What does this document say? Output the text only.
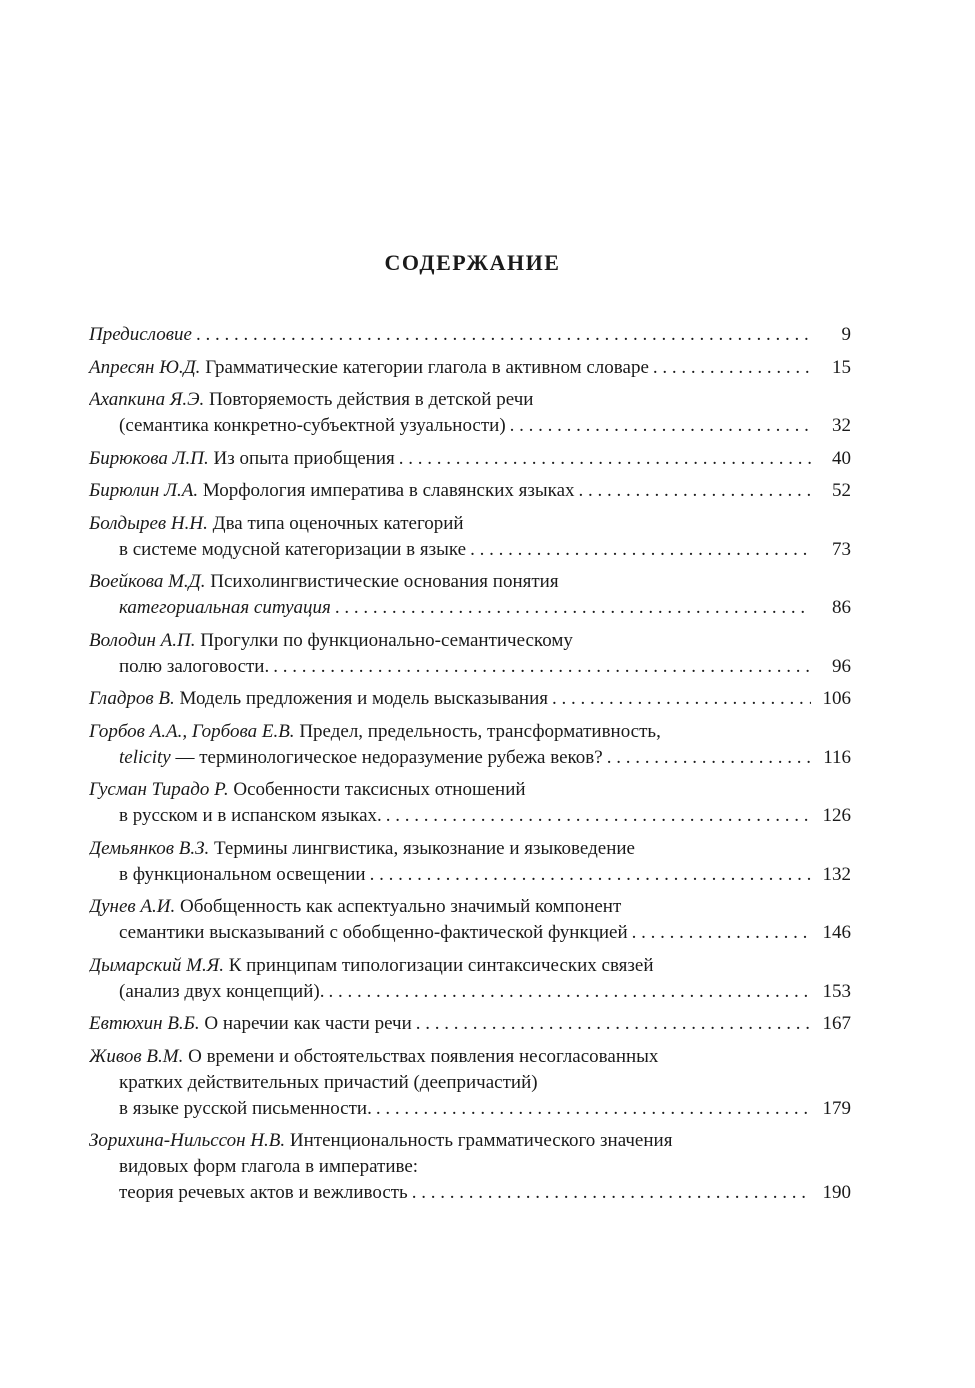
СОДЕРЖАНИЕ
Предисловие . . .	9
Апресян Ю.Д. Грамматические категории глагола в активном словаре . . .	15
Ахапкина Я.Э. Повторяемость действия в детской речи
(семантика конкретно-субъектной узуальности) . . .	32
Бирюкова Л.П. Из опыта приобщения . . .	40
Бирюлин Л.А. Морфология императива в славянских языках . . .	52
Болдырев Н.Н. Два типа оценочных категорий
в системе модусной категоризации в языке . . .	73
Воейкова М.Д. Психолингвистические основания понятия
категориальная ситуация . . .	86
Володин А.П. Прогулки по функционально-семантическому
полю залоговости. . . .	96
Гладров В. Модель предложения и модель высказывания . . .	106
Горбов А.А., Горбова Е.В. Предел, предельность, трансформативность,
telicity — терминологическое недоразумение рубежа веков? . . .	116
Гусман Тирадо Р. Особенности таксисных отношений
в русском и в испанском языках. . . .	126
Демьянков В.З. Термины лингвистика, языкознание и языковедение
в функциональном освещении . . .	132
Дунев А.И. Обобщенность как аспектуально значимый компонент
семантики высказываний с обобщенно-фактической функцией . . .	146
Дымарский М.Я. К принципам типологизации синтаксических связей
(анализ двух концепций). . . .	153
Евтюхин В.Б. О наречии как части речи . . .	167
Живов В.М. О времени и обстоятельствах появления несогласованных
кратких действительных причастий (деепричастий)
в языке русской письменности. . . .	179
Зорихина-Нильссон Н.В. Интенциональность грамматического значения
видовых форм глагола в императиве:
теория речевых актов и вежливость . . .	190
